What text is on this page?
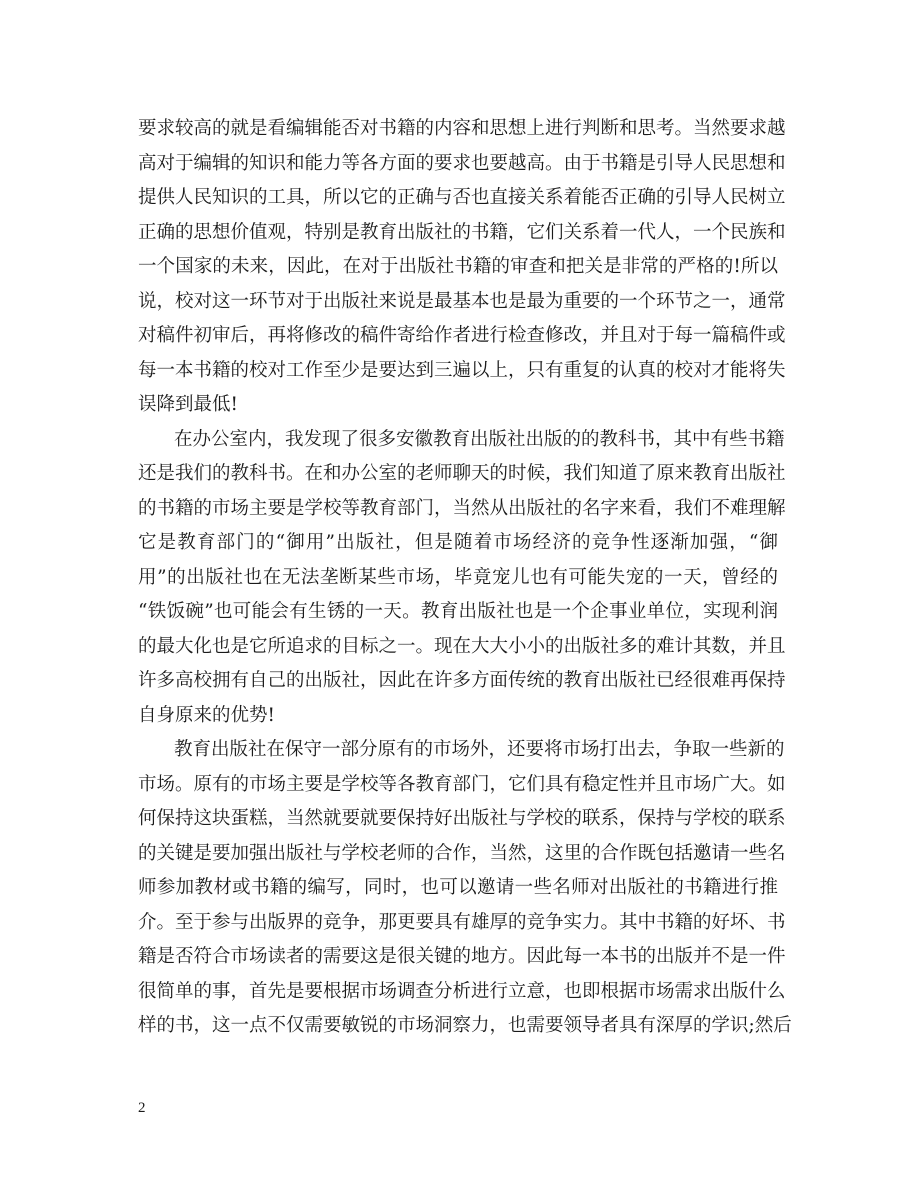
要求较高的就是看编辑能否对书籍的内容和思想上进行判断和思考。当然要求越
高对于编辑的知识和能力等各方面的要求也要越高。由于书籍是引导人民思想和
提供人民知识的工具，所以它的正确与否也直接关系着能否正确的引导人民树立
正确的思想价值观，特别是教育出版社的书籍，它们关系着一代人，一个民族和
一个国家的未来，因此，在对于出版社书籍的审查和把关是非常的严格的!所以
说，校对这一环节对于出版社来说是最基本也是最为重要的一个环节之一，通常
对稿件初审后，再将修改的稿件寄给作者进行检查修改，并且对于每一篇稿件或
每一本书籍的校对工作至少是要达到三遍以上，只有重复的认真的校对才能将失
误降到最低!
在办公室内，我发现了很多安徽教育出版社出版的的教科书，其中有些书籍
还是我们的教科书。在和办公室的老师聊天的时候，我们知道了原来教育出版社
的书籍的市场主要是学校等教育部门，当然从出版社的名字来看，我们不难理解
它是教育部门的“御用”出版社，但是随着市场经济的竞争性逐渐加强，“御
用”的出版社也在无法垄断某些市场，毕竟宠儿也有可能失宠的一天，曾经的
“铁饭碗”也可能会有生锈的一天。教育出版社也是一个企事业单位，实现利润
的最大化也是它所追求的目标之一。现在大大小小的出版社多的难计其数，并且
许多高校拥有自己的出版社，因此在许多方面传统的教育出版社已经很难再保持
自身原来的优势!
教育出版社在保守一部分原有的市场外，还要将市场打出去，争取一些新的
市场。原有的市场主要是学校等各教育部门，它们具有稳定性并且市场广大。如
何保持这块蛋糕，当然就要就要保持好出版社与学校的联系，保持与学校的联系
的关键是要加强出版社与学校老师的合作，当然，这里的合作既包括邀请一些名
师参加教材或书籍的编写，同时，也可以邀请一些名师对出版社的书籍进行推
介。至于参与出版界的竞争，那更要具有雄厚的竞争实力。其中书籍的好坏、书
籍是否符合市场读者的需要这是很关键的地方。因此每一本书的出版并不是一件
很简单的事，首先是要根据市场调查分析进行立意，也即根据市场需求出版什么
样的书，这一点不仅需要敏锐的市场洞察力，也需要领导者具有深厚的学识;然后
2
